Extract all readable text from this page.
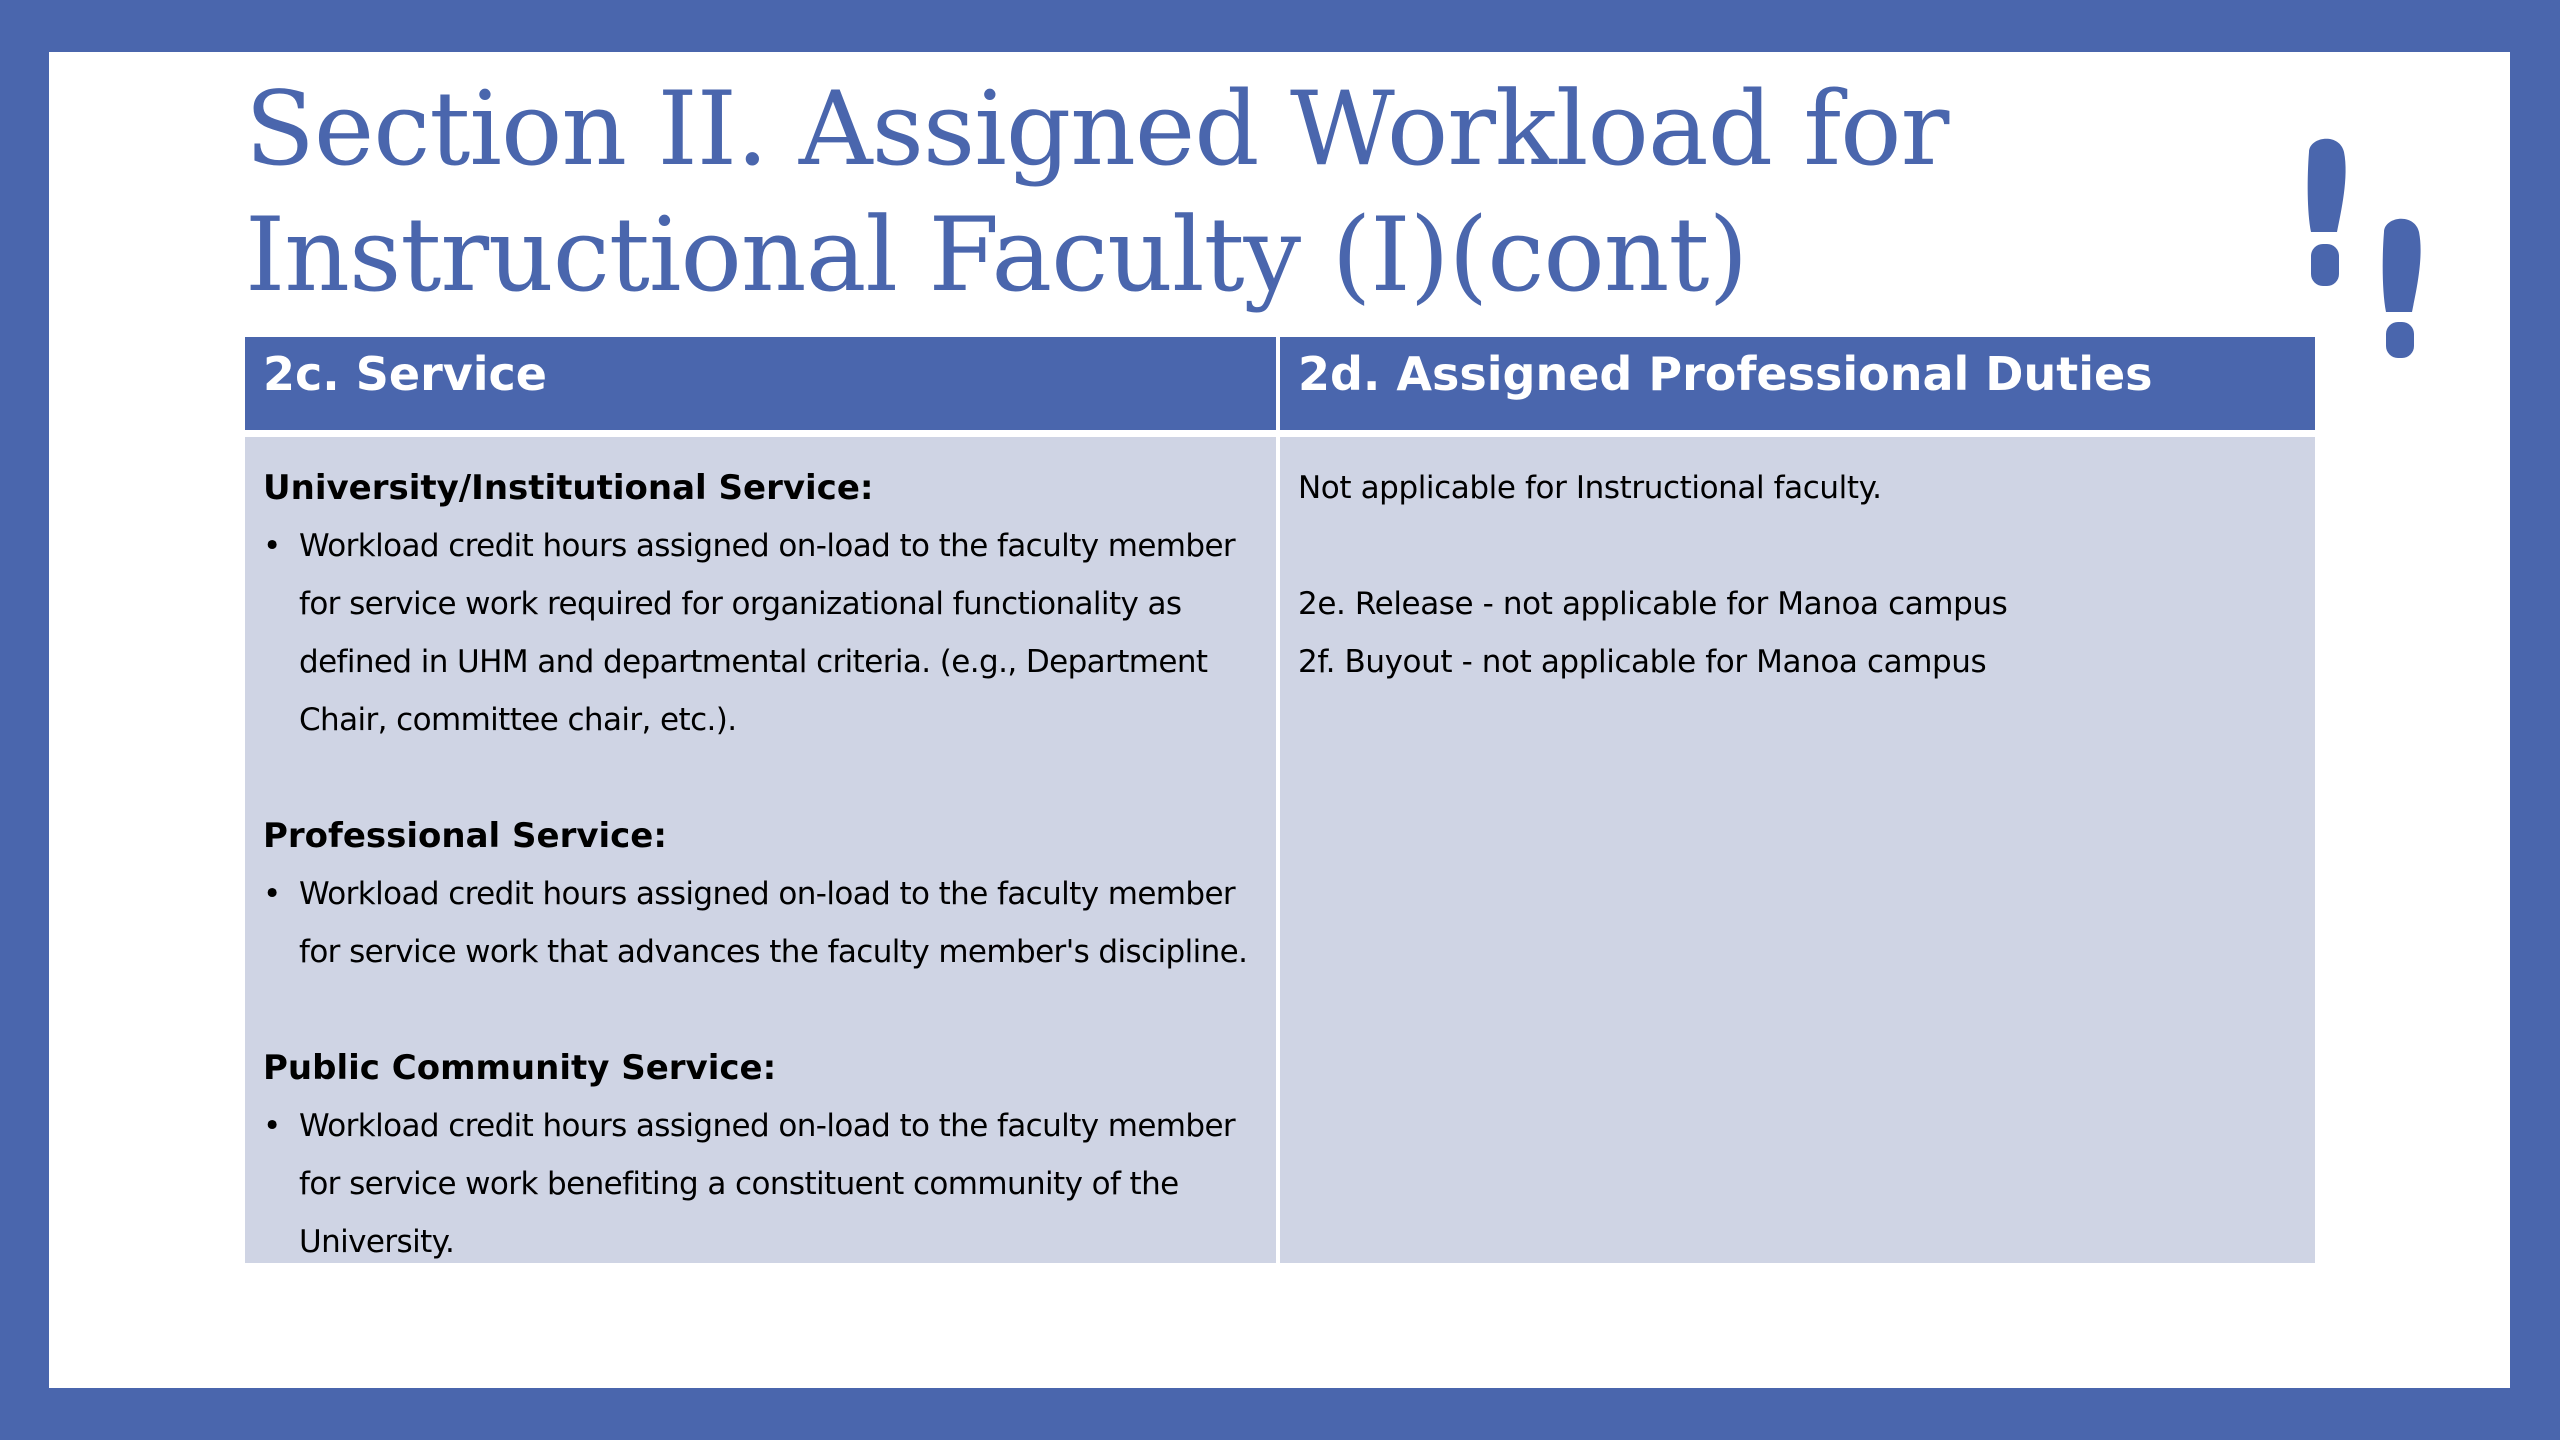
Section II. Assigned Workload for
Instructional Faculty (I)(cont)
2c. Service	2d. Assigned Professional Duties

University/Institutional Service:

• Workload credit hours assigned on-load to the faculty member for service work required for organizational functionality as defined in UHM and departmental criteria. (e.g., Department Chair, committee chair, etc.).

Professional Service:

• Workload credit hours assigned on-load to the faculty member for service work that advances the faculty member's discipline.

Public Community Service:

• Workload credit hours assigned on-load to the faculty member for service work benefiting a constituent community of the University.

Not applicable for Instructional faculty.

2e. Release - not applicable for Manoa campus

2f. Buyout - not applicable for Manoa campus
